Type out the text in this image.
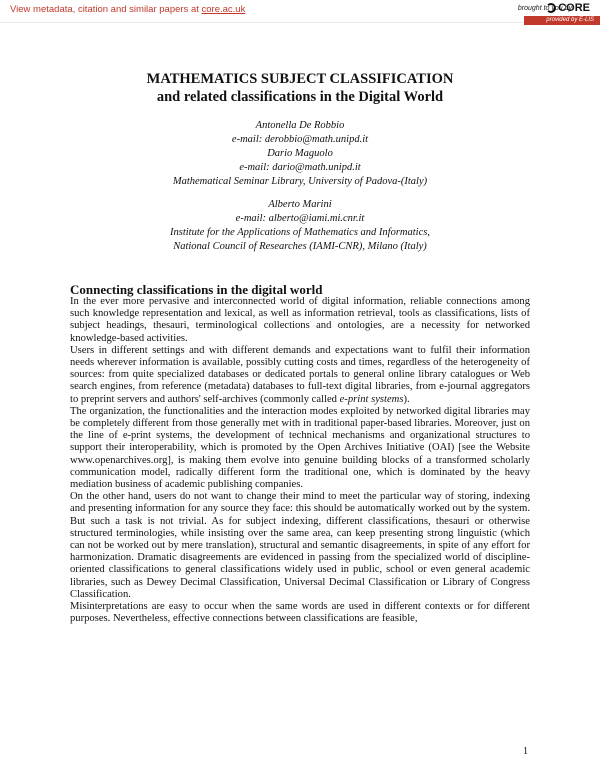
View metadata, citation and similar papers at core.ac.uk	brought to you by
CORE
provided by E-LIS
MATHEMATICS SUBJECT CLASSIFICATION
and related classifications in the Digital World
Antonella De Robbio
e-mail: derobbio@math.unipd.it
Dario Maguolo
e-mail: dario@math.unipd.it
Mathematical Seminar Library, University of Padova-(Italy)
Alberto Marini
e-mail: alberto@iami.mi.cnr.it
Institute for the Applications of Mathematics and Informatics,
National Council of Researches (IAMI-CNR), Milano (Italy)
Connecting classifications in the digital world

In the ever more pervasive and interconnected world of digital information, reliable connections among such knowledge representation and lexical, as well as information retrieval, tools as classifications, lists of subject headings, thesauri, terminological collections and ontologies, are a necessity for networked knowledge-based activities.

Users in different settings and with different demands and expectations want to fulfil their information needs wherever information is available, possibly cutting costs and times, regardless of the heterogeneity of sources: from quite specialized databases or dedicated portals to general online library catalogues or Web search engines, from reference (metadata) databases to full-text digital libraries, from e-journal aggregators to preprint servers and authors' self-archives (commonly called e-print systems).

The organization, the functionalities and the interaction modes exploited by networked digital libraries may be completely different from those generally met with in traditional paper-based libraries. Moreover, just on the line of e-print systems, the development of technical mechanisms and organizational structures to support their interoperability, which is promoted by the Open Archives Initiative (OAI) [see the Website www.openarchives.org], is making them evolve into genuine building blocks of a transformed scholarly communication model, radically different form the traditional one, which is dominated by the heavy mediation business of academic publishing companies.

On the other hand, users do not want to change their mind to meet the particular way of storing, indexing and presenting information for any source they face: this should be automatically worked out by the system. But such a task is not trivial. As for subject indexing, different classifications, thesauri or otherwise structured terminologies, while insisting over the same area, can keep presenting strong linguistic (which can not be worked out by mere translation), structural and semantic disagreements, in spite of any effort for harmonization. Dramatic disagreements are evidenced in passing from the specialized world of discipline-oriented classifications to general classifications widely used in public, school or even general academic libraries, such as Dewey Decimal Classification, Universal Decimal Classification or Library of Congress Classification.

Misinterpretations are easy to occur when the same words are used in different contexts or for different purposes. Nevertheless, effective connections between classifications are feasible,

1
